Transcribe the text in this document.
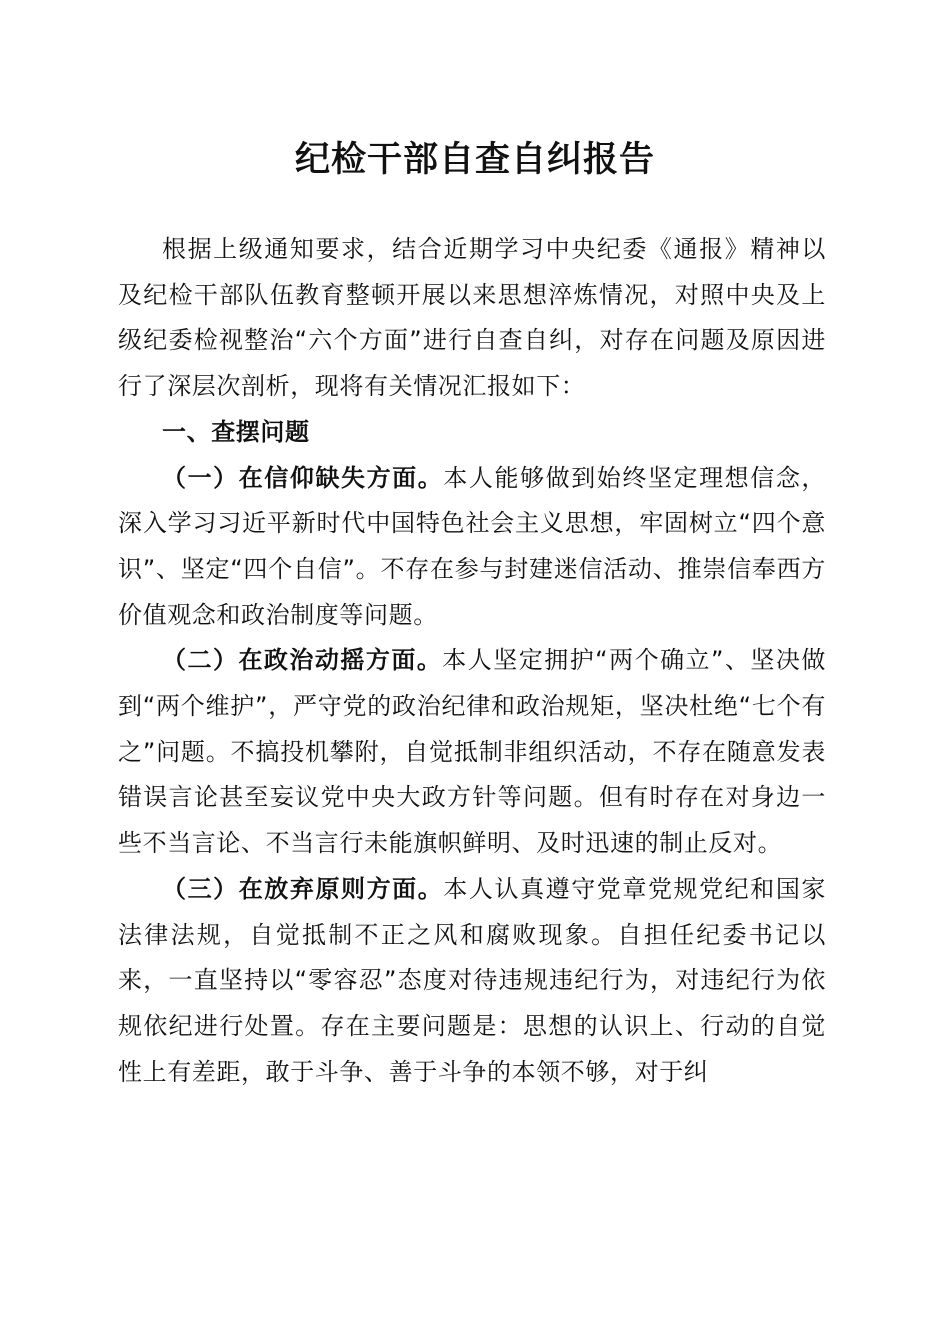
纪检干部自查自纠报告

根据上级通知要求，结合近期学习中央纪委《通报》精神以及纪检干部队伍教育整顿开展以来思想淬炼情况，对照中央及上级纪委检视整治“六个方面”进行自查自纠，对存在问题及原因进行了深层次剖析，现将有关情况汇报如下：

一、查摆问题

（一）在信仰缺失方面。本人能够做到始终坚定理想信念，深入学习习近平新时代中国特色社会主义思想，牢固树立“四个意识”、坚定“四个自信”。不存在参与封建迷信活动、推崇信奉西方价值观念和政治制度等问题。

（二）在政治动摇方面。本人坚定拥护“两个确立”、坚决做到“两个维护”，严守党的政治纪律和政治规矩，坚决杜绝“七个有之”问题。不搞投机攀附，自觉抵制非组织活动，不存在随意发表错误言论甚至妄议党中央大政方针等问题。但有时存在对身边一些不当言论、不当言行未能旗帜鲜明、及时迅速的制止反对。

（三）在放弃原则方面。本人认真遵守党章党规党纪和国家法律法规，自觉抵制不正之风和腐败现象。自担任纪委书记以来，一直坚持以“零容忍”态度对待违规违纪行为，对违纪行为依规依纪进行处置。存在主要问题是：思想的认识上、行动的自觉性上有差距，敢于斗争、善于斗争的本领不够，对于纠
